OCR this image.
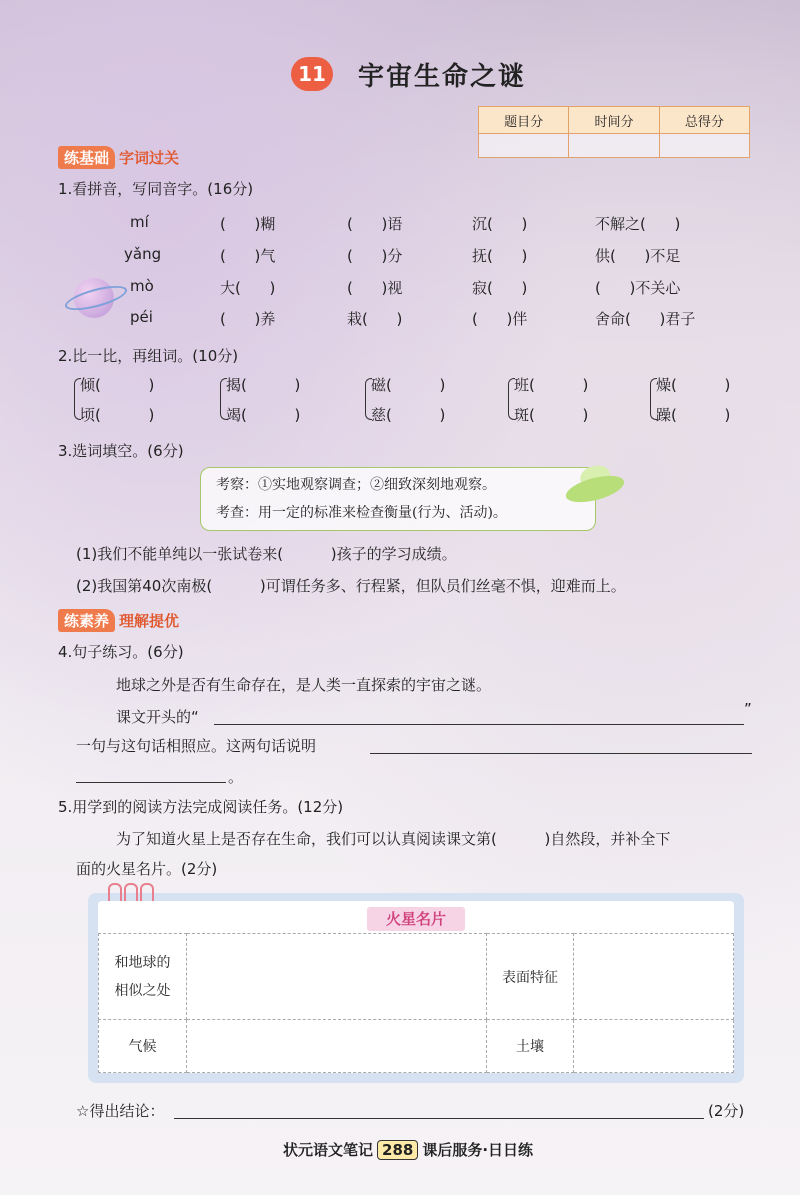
11 宇宙生命之谜
题目分	时间分	总得分

练基础 字词过关
1.看拼音，写同音字。(16分)
mí	(      )糊	(      )语	沉(      )	不解之(      )
yǎng	(      )气	(      )分	抚(      )	供(      )不足
mò	大(      )	(      )视	寂(      )	(      )不关心
péi	(      )养	栽(      )	(      )伴	舍命(      )君子
2.比一比，再组词。(10分)
倾(          )
顷(          )
揭(          )
竭(          )
磁(          )
慈(          )
班(          )
斑(          )
燥(          )
躁(          )
3.选词填空。(6分)
考察：①实地观察调查；②细致深刻地观察。
考查：用一定的标准来检查衡量(行为、活动)。
(1)我们不能单纯以一张试卷来(          )孩子的学习成绩。
(2)我国第40次南极(          )可谓任务多、行程紧，但队员们丝毫不惧，迎难而上。
练素养 理解提优
4.句子练习。(6分)
地球之外是否有生命存在，是人类一直探索的宇宙之谜。
课文开头的“	”
一句与这句话相照应。这两句话说明
。
5.用学到的阅读方法完成阅读任务。(12分)
为了知道火星上是否存在生命，我们可以认真阅读课文第(          )自然段，并补全下
面的火星名片。(2分)
火星名片
和地球的
相似之处		表面特征	
气候		土壤	
☆得出结论：	(2分)
状元语文笔记 288 课后服务·日日练
